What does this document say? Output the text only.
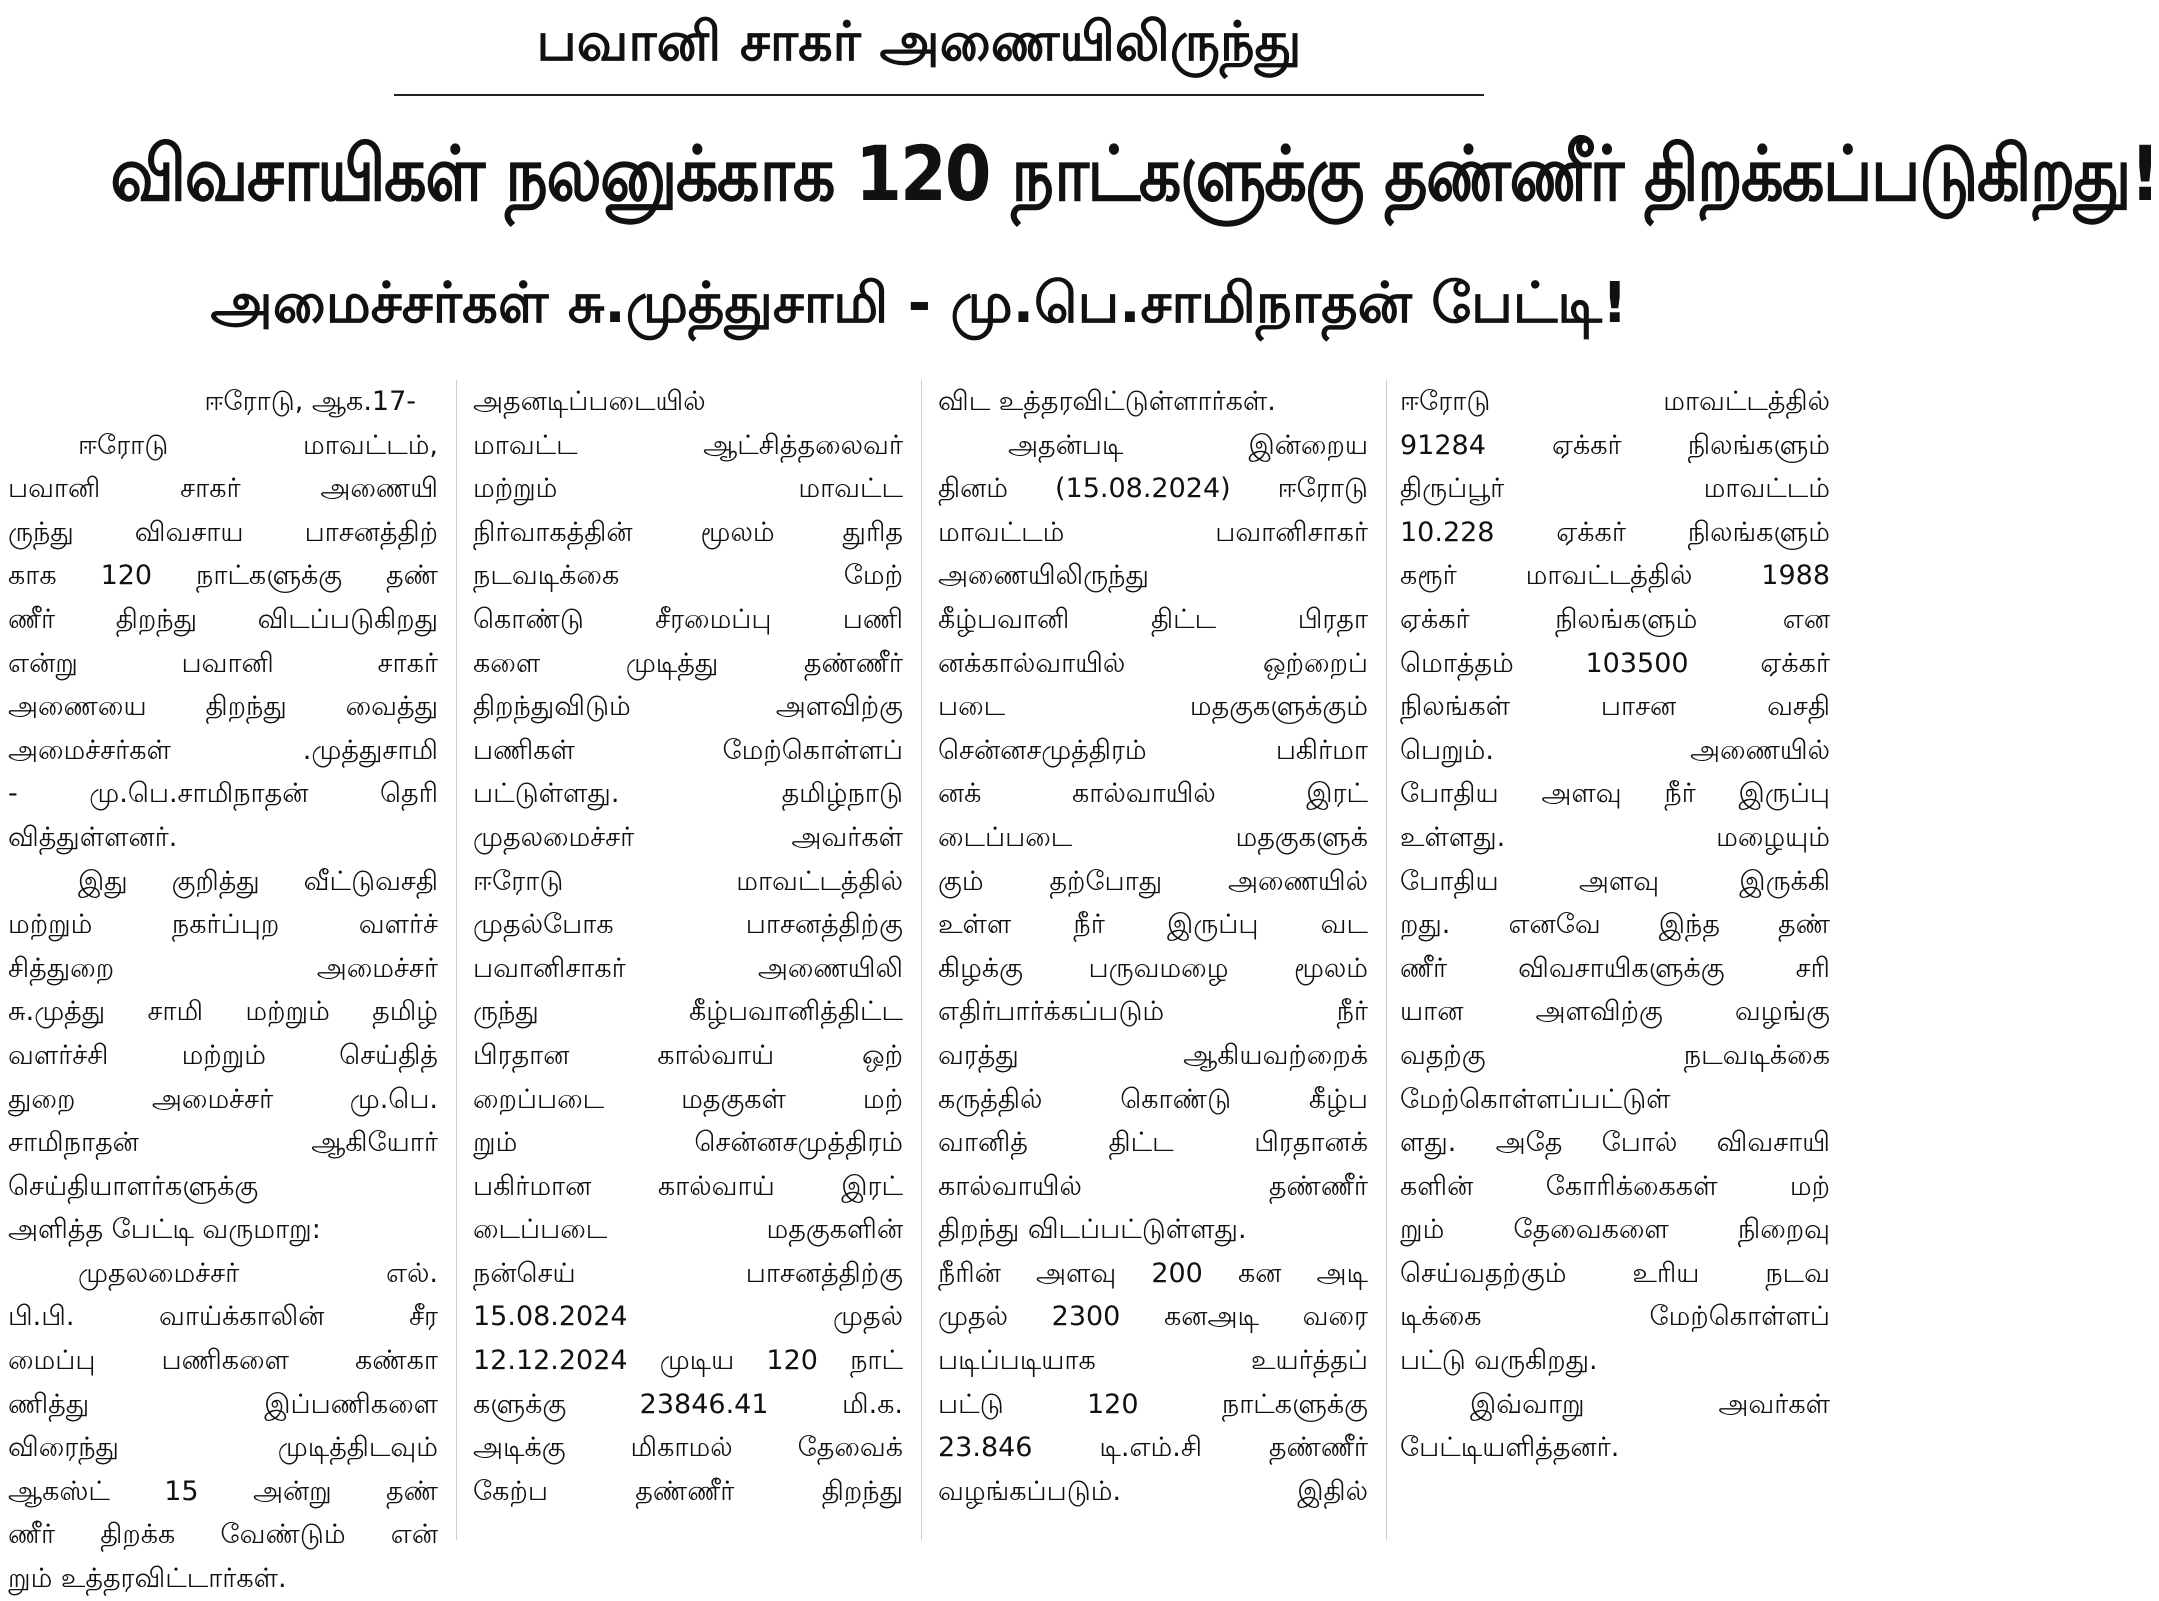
பவானி சாகர் அணையிலிருந்து
விவசாயிகள் நலனுக்காக 120 நாட்களுக்கு தண்ணீர் திறக்கப்படுகிறது!
அமைச்சர்கள் சு.முத்துசாமி - மு.பெ.சாமிநாதன் பேட்டி!
ஈரோடு, ஆக.17-
ஈரோடு மாவட்டம்,
பவானி சாகர் அணையி
ருந்து விவசாய பாசனத்திற்
காக 120 நாட்களுக்கு தண்
ணீர் திறந்து விடப்படுகிறது
என்று பவானி சாகர்
அணையை திறந்து வைத்து
அமைச்சர்கள் .முத்துசாமி
- மு.பெ.சாமிநாதன் தெரி
வித்துள்ளனர்.
இது குறித்து வீட்டுவசதி
மற்றும் நகர்ப்புற வளர்ச்
சித்துறை அமைச்சர்
சு.முத்து சாமி மற்றும் தமிழ்
வளர்ச்சி மற்றும் செய்தித்
துறை அமைச்சர் மு.பெ.
சாமிநாதன் ஆகியோர்
செய்தியாளர்களுக்கு
அளித்த பேட்டி வருமாறு:
முதலமைச்சர் எல்.
பி.பி. வாய்க்காலின் சீர
மைப்பு பணிகளை கண்கா
ணித்து இப்பணிகளை
விரைந்து முடித்திடவும்
ஆகஸ்ட் 15 அன்று தண்
ணீர் திறக்க வேண்டும் என்
றும் உத்தரவிட்டார்கள்.
அதனடிப்படையில்
மாவட்ட ஆட்சித்தலைவர்
மற்றும் மாவட்ட
நிர்வாகத்தின் மூலம் துரித
நடவடிக்கை மேற்
கொண்டு சீரமைப்பு பணி
களை முடித்து தண்ணீர்
திறந்துவிடும் அளவிற்கு
பணிகள் மேற்கொள்ளப்
பட்டுள்ளது. தமிழ்நாடு
முதலமைச்சர் அவர்கள்
ஈரோடு மாவட்டத்தில்
முதல்போக பாசனத்திற்கு
பவானிசாகர் அணையிலி
ருந்து கீழ்பவானித்திட்ட
பிரதான கால்வாய் ஒற்
றைப்படை மதகுகள் மற்
றும் சென்னசமுத்திரம்
பகிர்மான கால்வாய் இரட்
டைப்படை மதகுகளின்
நன்செய் பாசனத்திற்கு
15.08.2024 முதல்
12.12.2024 முடிய 120 நாட்
களுக்கு 23846.41 மி.க.
அடிக்கு மிகாமல் தேவைக்
கேற்ப தண்ணீர் திறந்து
விட உத்தரவிட்டுள்ளார்கள்.
அதன்படி இன்றைய
தினம் (15.08.2024) ஈரோடு
மாவட்டம் பவானிசாகர்
அணையிலிருந்து
கீழ்பவானி திட்ட பிரதா
னக்கால்வாயில் ஒற்றைப்
படை மதகுகளுக்கும்
சென்னசமுத்திரம் பகிர்மா
னக் கால்வாயில் இரட்
டைப்படை மதகுகளுக்
கும் தற்போது அணையில்
உள்ள நீர் இருப்பு வட
கிழக்கு பருவமழை மூலம்
எதிர்பார்க்கப்படும் நீர்
வரத்து ஆகியவற்றைக்
கருத்தில் கொண்டு கீழ்ப
வானித் திட்ட பிரதானக்
கால்வாயில் தண்ணீர்
திறந்து விடப்பட்டுள்ளது.
நீரின் அளவு 200 கன அடி
முதல் 2300 கனஅடி வரை
படிப்படியாக உயர்த்தப்
பட்டு 120 நாட்களுக்கு
23.846 டி.எம்.சி தண்ணீர்
வழங்கப்படும். இதில்
ஈரோடு மாவட்டத்தில்
91284 ஏக்கர் நிலங்களும்
திருப்பூர் மாவட்டம்
10.228 ஏக்கர் நிலங்களும்
கரூர் மாவட்டத்தில் 1988
ஏக்கர் நிலங்களும் என
மொத்தம் 103500 ஏக்கர்
நிலங்கள் பாசன வசதி
பெறும். அணையில்
போதிய அளவு நீர் இருப்பு
உள்ளது. மழையும்
போதிய அளவு இருக்கி
றது. எனவே இந்த தண்
ணீர் விவசாயிகளுக்கு சரி
யான அளவிற்கு வழங்கு
வதற்கு நடவடிக்கை
மேற்கொள்ளப்பட்டுள்
ளது. அதே போல் விவசாயி
களின் கோரிக்கைகள் மற்
றும் தேவைகளை நிறைவு
செய்வதற்கும் உரிய நடவ
டிக்கை மேற்கொள்ளப்
பட்டு வருகிறது.
இவ்வாறு அவர்கள்
பேட்டியளித்தனர்.
